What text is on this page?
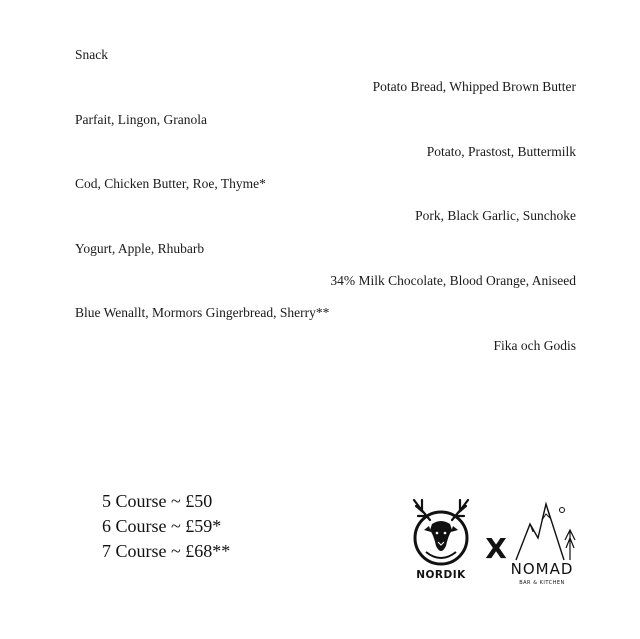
Snack
Potato Bread, Whipped Brown Butter
Parfait, Lingon, Granola
Potato, Prastost, Buttermilk
Cod, Chicken Butter, Roe, Thyme*
Pork, Black Garlic, Sunchoke
Yogurt, Apple, Rhubarb
34% Milk Chocolate, Blood Orange, Aniseed
Blue Wenallt, Mormors Gingerbread, Sherry**
Fika och Godis
5 Course ~ £50
6 Course ~ £59*
7 Course ~ £68**
NORDIK
X
NOMAD
BAR & KITCHEN
